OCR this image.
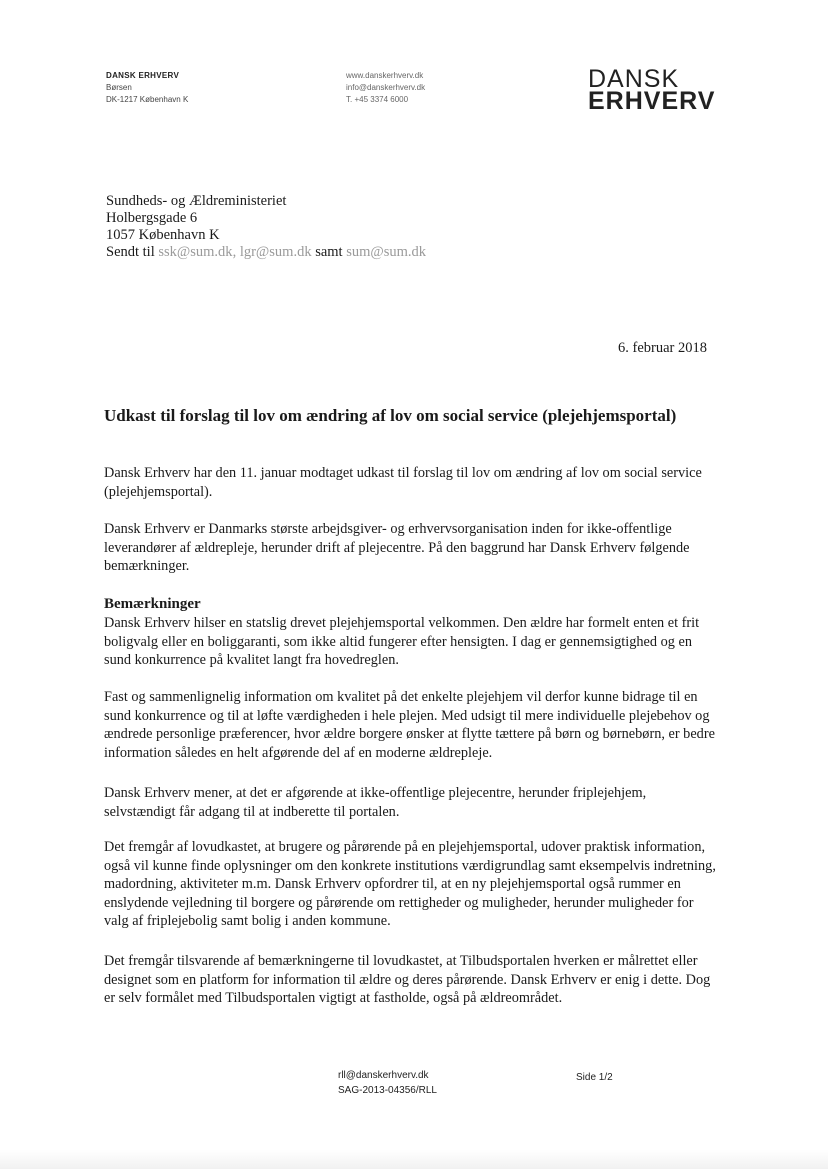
DANSK ERHVERV
Børsen
DK-1217 København K
www.danskerhverv.dk
info@danskerhverv.dk
T. +45 3374 6000
DANSK
ERHVERV
Sundheds- og Ældreministeriet
Holbergsgade 6
1057 København K
Sendt til ssk@sum.dk, lgr@sum.dk samt sum@sum.dk
6. februar 2018
Udkast til forslag til lov om ændring af lov om social service (plejehjemsportal)

Dansk Erhverv har den 11. januar modtaget udkast til forslag til lov om ændring af lov om social service (plejehjemsportal).

Dansk Erhverv er Danmarks største arbejdsgiver- og erhvervsorganisation inden for ikke-offentlige leverandører af ældrepleje, herunder drift af plejecentre. På den baggrund har Dansk Erhverv følgende bemærkninger.

Bemærkninger

Dansk Erhverv hilser en statslig drevet plejehjemsportal velkommen. Den ældre har formelt enten et frit boligvalg eller en boliggaranti, som ikke altid fungerer efter hensigten. I dag er gennemsigtighed og en sund konkurrence på kvalitet langt fra hovedreglen.

Fast og sammenlignelig information om kvalitet på det enkelte plejehjem vil derfor kunne bidrage til en sund konkurrence og til at løfte værdigheden i hele plejen. Med udsigt til mere individuelle plejebehov og ændrede personlige præferencer, hvor ældre borgere ønsker at flytte tættere på børn og børnebørn, er bedre information således en helt afgørende del af en moderne ældrepleje.

Dansk Erhverv mener, at det er afgørende at ikke-offentlige plejecentre, herunder friplejehjem, selvstændigt får adgang til at indberette til portalen.

Det fremgår af lovudkastet, at brugere og pårørende på en plejehjemsportal, udover praktisk information, også vil kunne finde oplysninger om den konkrete institutions værdigrundlag samt eksempelvis indretning, madordning, aktiviteter m.m. Dansk Erhverv opfordrer til, at en ny plejehjemsportal også rummer en enslydende vejledning til borgere og pårørende om rettigheder og muligheder, herunder muligheder for valg af friplejebolig samt bolig i anden kommune.

Det fremgår tilsvarende af bemærkningerne til lovudkastet, at Tilbudsportalen hverken er målrettet eller designet som en platform for information til ældre og deres pårørende. Dansk Erhverv er enig i dette. Dog er selv formålet med Tilbudsportalen vigtigt at fastholde, også på ældreområdet.

rll@danskerhverv.dk
SAG-2013-04356/RLL
Side 1/2
